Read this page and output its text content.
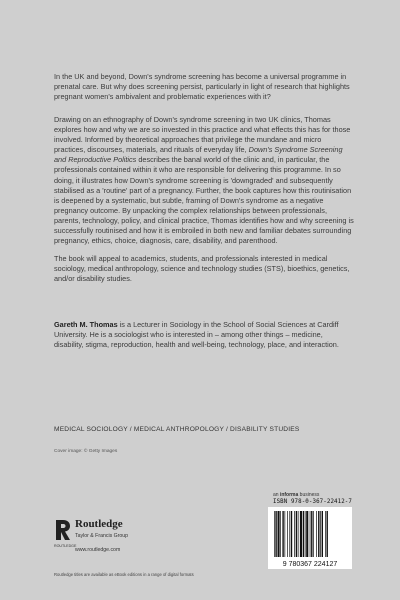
In the UK and beyond, Down's syndrome screening has become a universal programme in prenatal care. But why does screening persist, particularly in light of research that highlights pregnant women's ambivalent and problematic experiences with it?

Drawing on an ethnography of Down's syndrome screening in two UK clinics, Thomas explores how and why we are so invested in this practice and what effects this has for those involved. Informed by theoretical approaches that privilege the mundane and micro practices, discourses, materials, and rituals of everyday life, Down's Syndrome Screening and Reproductive Politics describes the banal world of the clinic and, in particular, the professionals contained within it who are responsible for delivering this programme. In so doing, it illustrates how Down's syndrome screening is 'downgraded' and subsequently stabilised as a 'routine' part of a pregnancy. Further, the book captures how this routinisation is deepened by a systematic, but subtle, framing of Down's syndrome as a negative pregnancy outcome. By unpacking the complex relationships between professionals, parents, technology, policy, and clinical practice, Thomas identifies how and why screening is successfully routinised and how it is embroiled in both new and familiar debates surrounding pregnancy, ethics, choice, diagnosis, care, disability, and parenthood.

The book will appeal to academics, students, and professionals interested in medical sociology, medical anthropology, science and technology studies (STS), bioethics, genetics, and/or disability studies.

Gareth M. Thomas is a Lecturer in Sociology in the School of Social Sciences at Cardiff University. He is a sociologist who is interested in – among other things – medicine, disability, stigma, reproduction, health and well-being, technology, place, and interaction.

MEDICAL SOCIOLOGY / MEDICAL ANTHROPOLOGY / DISABILITY STUDIES
Cover image: © Getty Images
an informa business
ISBN 978-0-367-22412-7
9 780367 224127
Routledge
Taylor & Francis Group
ROUTLEDGE
www.routledge.com
Routledge titles are available as eBook editions in a range of digital formats
